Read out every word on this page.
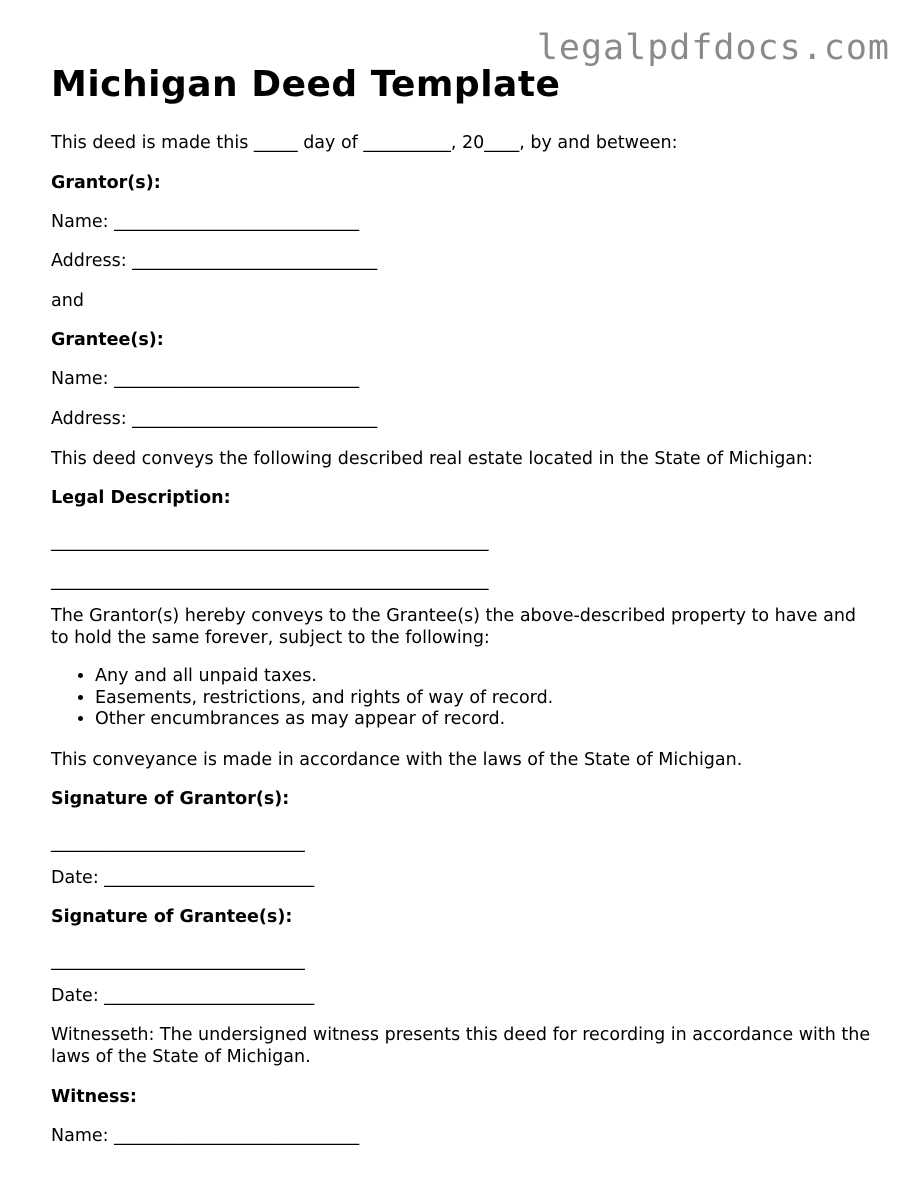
legalpdfdocs.com
Michigan Deed Template
This deed is made this _____ day of __________, 20____, by and between:
Grantor(s):
Name: ____________________________
Address: ____________________________
and
Grantee(s):
Name: ____________________________
Address: ____________________________
This deed conveys the following described real estate located in the State of Michigan:
Legal Description:
__________________________________________________
__________________________________________________
The Grantor(s) hereby conveys to the Grantee(s) the above-described property to have and to hold the same forever, subject to the following:
• Any and all unpaid taxes.
• Easements, restrictions, and rights of way of record.
• Other encumbrances as may appear of record.
This conveyance is made in accordance with the laws of the State of Michigan.
Signature of Grantor(s):
_____________________________
Date: ________________________
Signature of Grantee(s):
_____________________________
Date: ________________________
Witnesseth: The undersigned witness presents this deed for recording in accordance with the laws of the State of Michigan.
Witness:
Name: ____________________________
